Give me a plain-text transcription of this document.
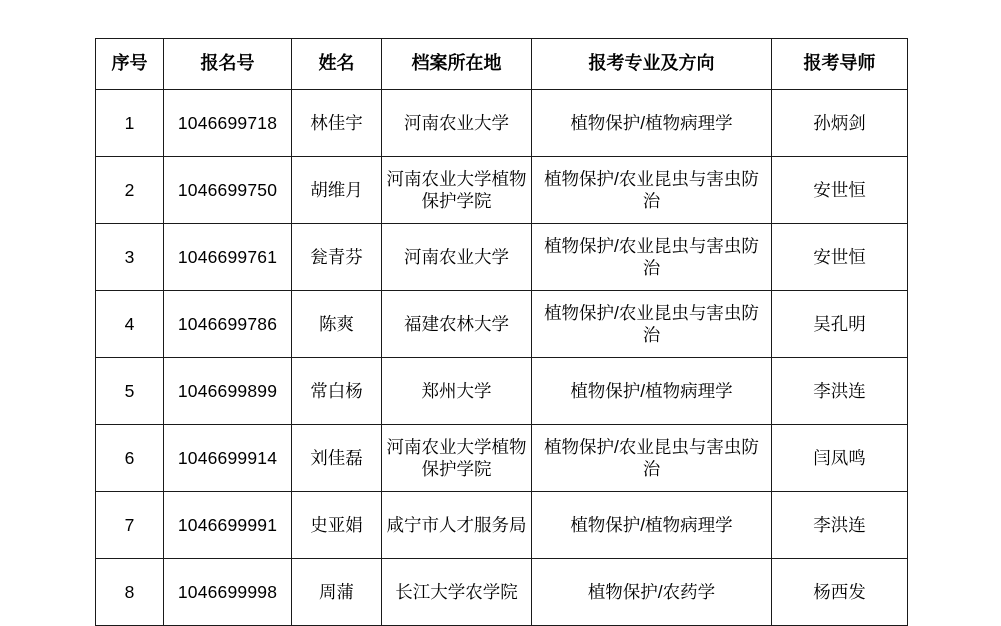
序号	报名号	姓名	档案所在地	报考专业及方向	报考导师
1	1046699718	林佳宇	河南农业大学	植物保护/植物病理学	孙炳剑
2	1046699750	胡维月	河南农业大学植物保护学院	植物保护/农业昆虫与害虫防治	安世恒
3	1046699761	瓮青芬	河南农业大学	植物保护/农业昆虫与害虫防治	安世恒
4	1046699786	陈爽	福建农林大学	植物保护/农业昆虫与害虫防治	吴孔明
5	1046699899	常白杨	郑州大学	植物保护/植物病理学	李洪连
6	1046699914	刘佳磊	河南农业大学植物保护学院	植物保护/农业昆虫与害虫防治	闫凤鸣
7	1046699991	史亚娟	咸宁市人才服务局	植物保护/植物病理学	李洪连
8	1046699998	周蒲	长江大学农学院	植物保护/农药学	杨西发
